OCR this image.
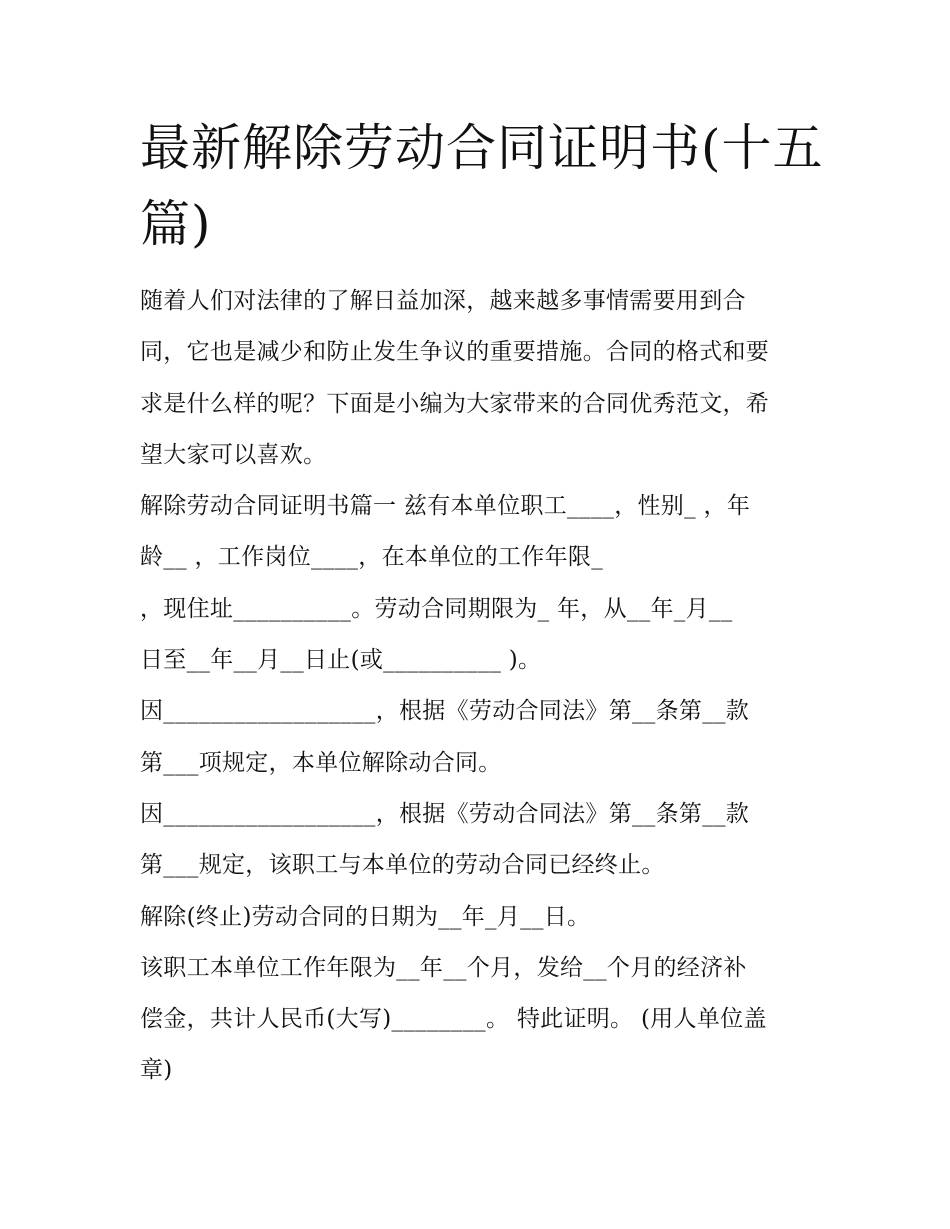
最新解除劳动合同证明书(十五
篇)
随着人们对法律的了解日益加深，越来越多事情需要用到合
同，它也是减少和防止发生争议的重要措施。合同的格式和要
求是什么样的呢？下面是小编为大家带来的合同优秀范文，希
望大家可以喜欢。
解除劳动合同证明书篇一 兹有本单位职工____，性别_ ，年
龄__ ，工作岗位____，在本单位的工作年限_
，现住址__________。劳动合同期限为_ 年，从__年_月__
日至__年__月__日止(或__________ )。
因__________________，根据《劳动合同法》第__条第__款
第___项规定，本单位解除动合同。
因__________________，根据《劳动合同法》第__条第__款
第___规定，该职工与本单位的劳动合同已经终止。
解除(终止)劳动合同的日期为__年_月__日。
该职工本单位工作年限为__年__个月，发给__个月的经济补
偿金，共计人民币(大写)________。 特此证明。 (用人单位盖
章)
